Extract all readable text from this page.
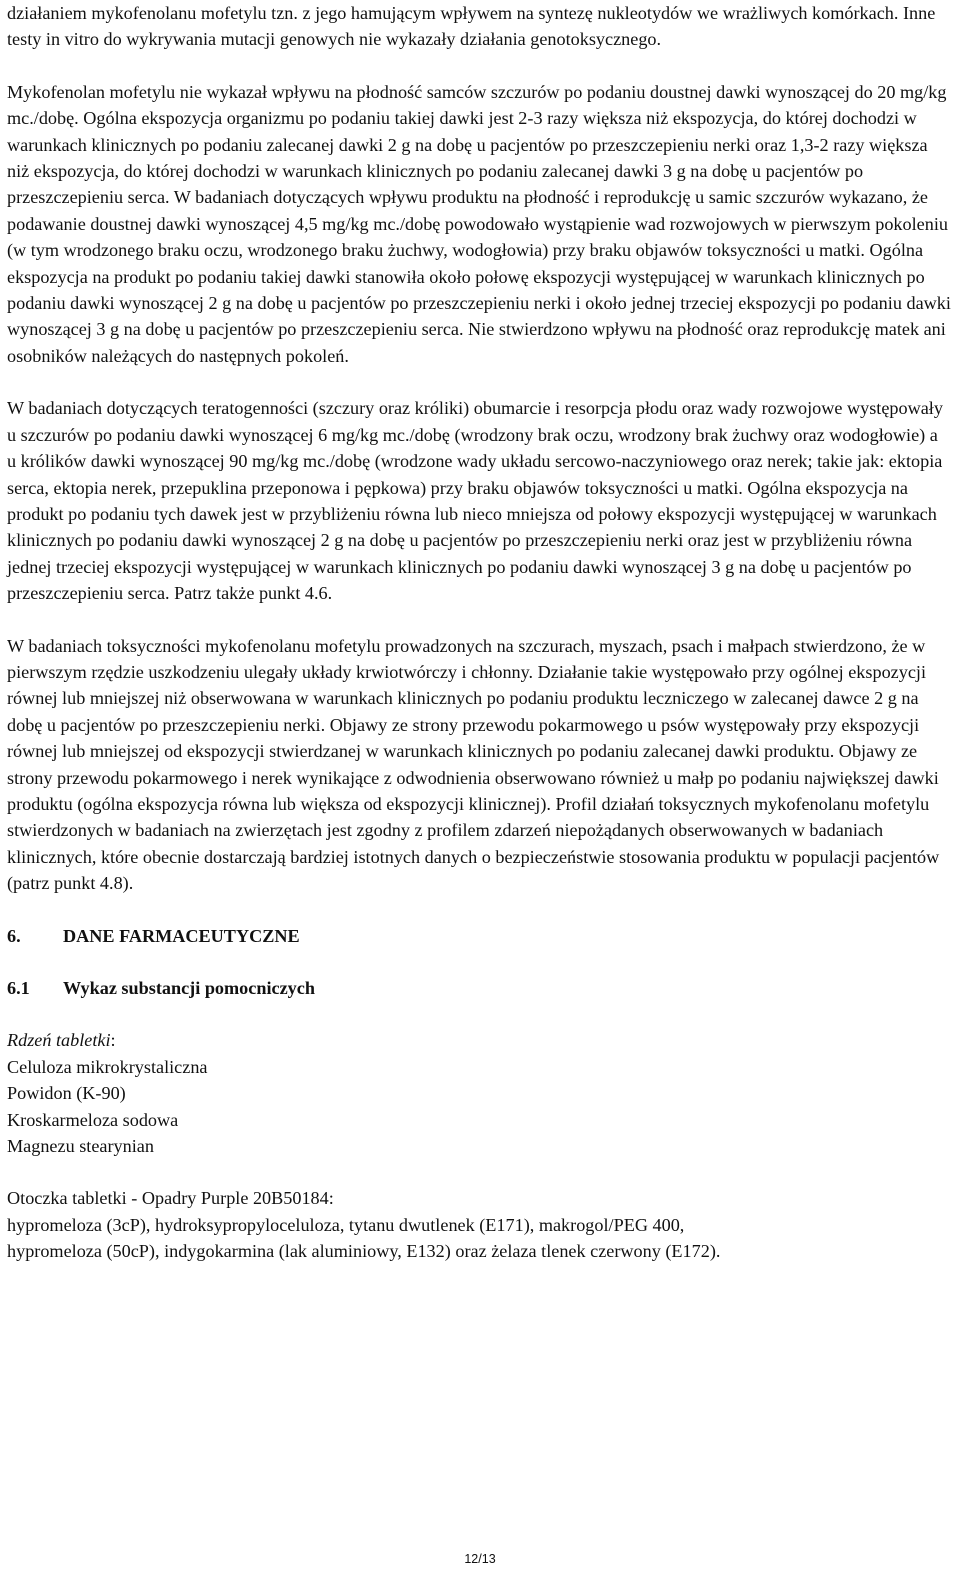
działaniem mykofenolanu mofetylu tzn. z jego hamującym wpływem na syntezę nukleotydów we wrażliwych komórkach. Inne testy in vitro do wykrywania mutacji genowych nie wykazały działania genotoksycznego.

Mykofenolan mofetylu nie wykazał wpływu na płodność samców szczurów po podaniu doustnej dawki wynoszącej do 20 mg/kg mc./dobę. Ogólna ekspozycja organizmu po podaniu takiej dawki jest 2-3 razy większa niż ekspozycja, do której dochodzi w warunkach klinicznych po podaniu zalecanej dawki 2 g na dobę u pacjentów po przeszczepieniu nerki oraz 1,3-2 razy większa niż ekspozycja, do której dochodzi w warunkach klinicznych po podaniu zalecanej dawki 3 g na dobę u pacjentów po przeszczepieniu serca. W badaniach dotyczących wpływu produktu na płodność i reprodukcję u samic szczurów wykazano, że podawanie doustnej dawki wynoszącej 4,5 mg/kg mc./dobę powodowało wystąpienie wad rozwojowych w pierwszym pokoleniu (w tym wrodzonego braku oczu, wrodzonego braku żuchwy, wodogłowia) przy braku objawów toksyczności u matki. Ogólna ekspozycja na produkt po podaniu takiej dawki stanowiła około połowę ekspozycji występującej w warunkach klinicznych po podaniu dawki wynoszącej 2 g na dobę u pacjentów po przeszczepieniu nerki i około jednej trzeciej ekspozycji po podaniu dawki wynoszącej 3 g na dobę u pacjentów po przeszczepieniu serca. Nie stwierdzono wpływu na płodność oraz reprodukcję matek ani osobników należących do następnych pokoleń.

W badaniach dotyczących teratogenności (szczury oraz króliki) obumarcie i resorpcja płodu oraz wady rozwojowe występowały u szczurów po podaniu dawki wynoszącej 6 mg/kg mc./dobę (wrodzony brak oczu, wrodzony brak żuchwy oraz wodogłowie) a u królików dawki wynoszącej 90 mg/kg mc./dobę (wrodzone wady układu sercowo-naczyniowego oraz nerek; takie jak: ektopia serca, ektopia nerek, przepuklina przeponowa i pępkowa) przy braku objawów toksyczności u matki. Ogólna ekspozycja na produkt po podaniu tych dawek jest w przybliżeniu równa lub nieco mniejsza od połowy ekspozycji występującej w warunkach klinicznych po podaniu dawki wynoszącej 2 g na dobę u pacjentów po przeszczepieniu nerki oraz jest w przybliżeniu równa jednej trzeciej ekspozycji występującej w warunkach klinicznych po podaniu dawki wynoszącej 3 g na dobę u pacjentów po przeszczepieniu serca. Patrz także punkt 4.6.

W badaniach toksyczności mykofenolanu mofetylu prowadzonych na szczurach, myszach, psach i małpach stwierdzono, że w pierwszym rzędzie uszkodzeniu ulegały układy krwiotwórczy i chłonny. Działanie takie występowało przy ogólnej ekspozycji równej lub mniejszej niż obserwowana w warunkach klinicznych po podaniu produktu leczniczego w zalecanej dawce 2 g na dobę u pacjentów po przeszczepieniu nerki. Objawy ze strony przewodu pokarmowego u psów występowały przy ekspozycji równej lub mniejszej od ekspozycji stwierdzanej w warunkach klinicznych po podaniu zalecanej dawki produktu. Objawy ze strony przewodu pokarmowego i nerek wynikające z odwodnienia obserwowano również u małp po podaniu największej dawki produktu (ogólna ekspozycja równa lub większa od ekspozycji klinicznej). Profil działań toksycznych mykofenolanu mofetylu stwierdzonych w badaniach na zwierzętach jest zgodny z profilem zdarzeń niepożądanych obserwowanych w badaniach klinicznych, które obecnie dostarczają bardziej istotnych danych o bezpieczeństwie stosowania produktu w populacji pacjentów (patrz punkt 4.8).

6. DANE FARMACEUTYCZNE

6.1 Wykaz substancji pomocniczych

Rdzeń tabletki:

Celuloza mikrokrystaliczna

Powidon (K-90)

Kroskarmeloza sodowa

Magnezu stearynian

Otoczka tabletki - Opadry Purple 20B50184:

hypromeloza (3cP), hydroksypropyloceluloza, tytanu dwutlenek (E171), makrogol/PEG 400,

hypromeloza (50cP), indygokarmina (lak aluminiowy, E132) oraz żelaza tlenek czerwony (E172).

12/13
